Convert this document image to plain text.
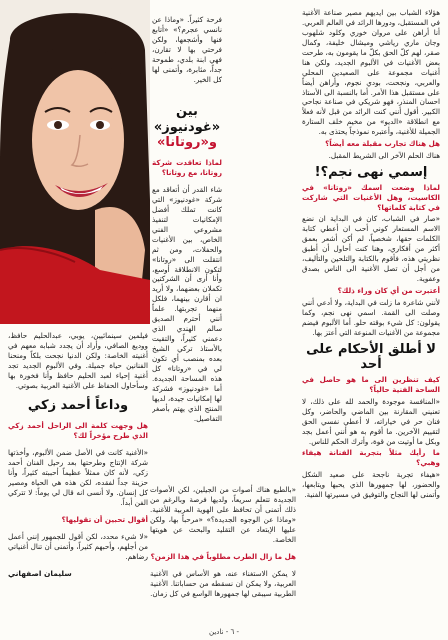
هؤلاء الشباب بين ايديهم مصير صناعة الأغنية في المستقبل، ودورها الرائد في العالم العربي. أنا أراهن على مروان خوري وكلود شلهوب وجان ماري رياشي وميشال خليفة، وكمال صقر، لهم كلّ الحق بكلّ ما يقومون به، طرحت بعض الأغنيات في الألبوم الجديد، ولكن هنا أغنيات مجموعة على الصعيدين المحلي والعربي، ونجحت، بودي نجوم، وأراهن أيضاً على مستقبل هذا الأمر. أما بالنسبة الى الأستاذ احسان المنذر، فهو شريكي في صناعة نجاحي الكبير. أقول أنني كنت الرائد من قبل لأنه فعلاً مع انطلاقة «الديو» من مخيم خلف الستارة الجميلة للأغنية، وأعتبره نموذجاً يحتذى به.

هل هناك تجارب مقبلة معه أيضاً؟

هناك الحلم الآخر الى الشريط المقبل.

إسمي نهى نجم؟!

لماذا وضعت اسمك «روتانا» في الكاسيت، وهل الأغنيات التي شاركت في كتابة كلماتها؟

«صار في الشباب، كان في البداية ان نضع الاسم المستعار كوني أحب ان أعطي كتابة الكلمات حقها، شخصياً، لم أكن أشعر بعمق أكثر من أفكاري، وهنا كنت أحاول أن أطبق نظريتي هذه، فأقوم بالكتابة والتلحين والتأليف، من أجل أن تصل الأغنية الى الناس بصدق وعفوية.

أعتبرت من أي كان وراء ذلك؟

لأنني شاعرة ما زلت في البداية، ولا أدعي أنني وصلت الى القمة. اسمي نهى نجم، وكما يقولون: كل شيء بوقته حلو. أما الألبوم فيضم مجموعة من الأغنيات المنوعة التي أعتز بها.

لا أطلق الأحكام على أحد

كيف تنظرين الى ما هو حاصل في الساحة الفنية حالياً؟

«المنافسة موجودة والحمد لله على ذلك، لا تعنيني المقارنة بين الماضي والحاضر، وكل فنان حر في خياراته، لا أعطي نفسي الحق لتقييم الآخرين. ما أقوم به هو أنني أعمل بجد وبكل ما أوتيت من قوة، وأترك الحكم للناس.

ما رأيك مثلاً بتجربة الفنانة هيفاء وهبي؟

«هيفاء تجربة ناجحة على صعيد الشكل والحضور، لها جمهورها الذي يحبها ويتابعها، وأتمنى لها النجاح والتوفيق في مسيرتها الفنية.

فرحة كثيراً. «وماذا عن نانسي عجرم؟» «أتابع فنها وأشجعها، ولكن فرحتي بها لا تقارن، فهي ابنة بلدي، طموحة جداً، مثابرة، وأتمنى لها كل الخير.

بين «غودنيوز»
و«روتانا»

لماذا تعاقدت شركة روتانا، مع روتانا؟

شاء القدر أن أتعاقد مع شركة «غودنيوز» التي كانت تملك أفضل الإمكانيات لتنفيذ مشروعي الفني الخاص، بين الأغنيات والحفلات، ومن ثم انتقلت الى «روتانا» لتكون الانطلاقة أوسع، وأنا أرى أن الشركتين تكملان بعضهما، ولا أريد ان أقارن بينهما، فلكل منهما تجربتها. علماً أنني أحترم الصديق سالم الهندي الذي دعمني كثيراً، والتقيت بالأستاذ تركي الشيخ بعده بمنصب أي تكون لي في «روتانا» كل هذه المساحة الجديدة. أما «غودنيوز» فشركة لها إمكانيات جيدة، لديها المنتج الذي يهتم بأصغر التفاصيل.

«بالطبع هناك أصوات من الجيلين، لكن الأصوات الجديدة تتعلم سريعاً، ولديها فرصة وبالرغم من ذلك أتمنى أن تحافظ على الهوية العربية للأغنية. «وماذا عن الوجوه الجديدة؟» «مرحباً بها، ولكن عليها الإبتعاد عن التقليد والبحث عن هويتها الخاصة.

هل ما زال الطرب مطلوباً في هذا الزمن؟

لا يمكن الاستغناء عنه، هو الأساس في الأغنية العربية، ولا يمكن ان نسقطه من حساباتنا. الأغنية الطربية سيبقى لها جمهورها الواسع في كل زمان.

فيلمين سينمائيين، يوبي، عبدالحليم حافظ، ووديع الصافي، وأراد أن يجدد شبابه معهم في أغنيته الخاصة: ولكن الدنيا نجحت بلكاً ومنحنا الفنانين حياة جميلة. وفي الألبوم الجديد تجد أغنية إحياء لعبد الحليم حافظ وأنا فخورة بها وسأحاول الحفاظ على الأغنية العربية بصوتي.

وداعاً أحمد زكي

هل وجهت كلمة الى الراحل أحمد زكي الذي طرح مؤخراً لك؟

«الأغنية كانت في الأصل ضمن الألبوم، وأخذتها شركة الإنتاج وطرحتها بعد رحيل الفنان أحمد زكي، لأنه كان ممثلاً عظيماً أحببته كثيراً، وأنا حزينة جداً لفقده، لكن هذه هي الحياة ومصير كل إنسان. ولا أنسى انه قال لي يوماً: لا تتركي الفن أبداً.

أقوال تحبين أن تقوليها؟

«لا شيء محدد، لكن أقول للجمهور إنني أعمل من أجلهم، وأحبهم كثيراً، وأتمنى أن تنال أغنياتي رضاهم.

سليمان اصفهاني
- ٦ - نادين
